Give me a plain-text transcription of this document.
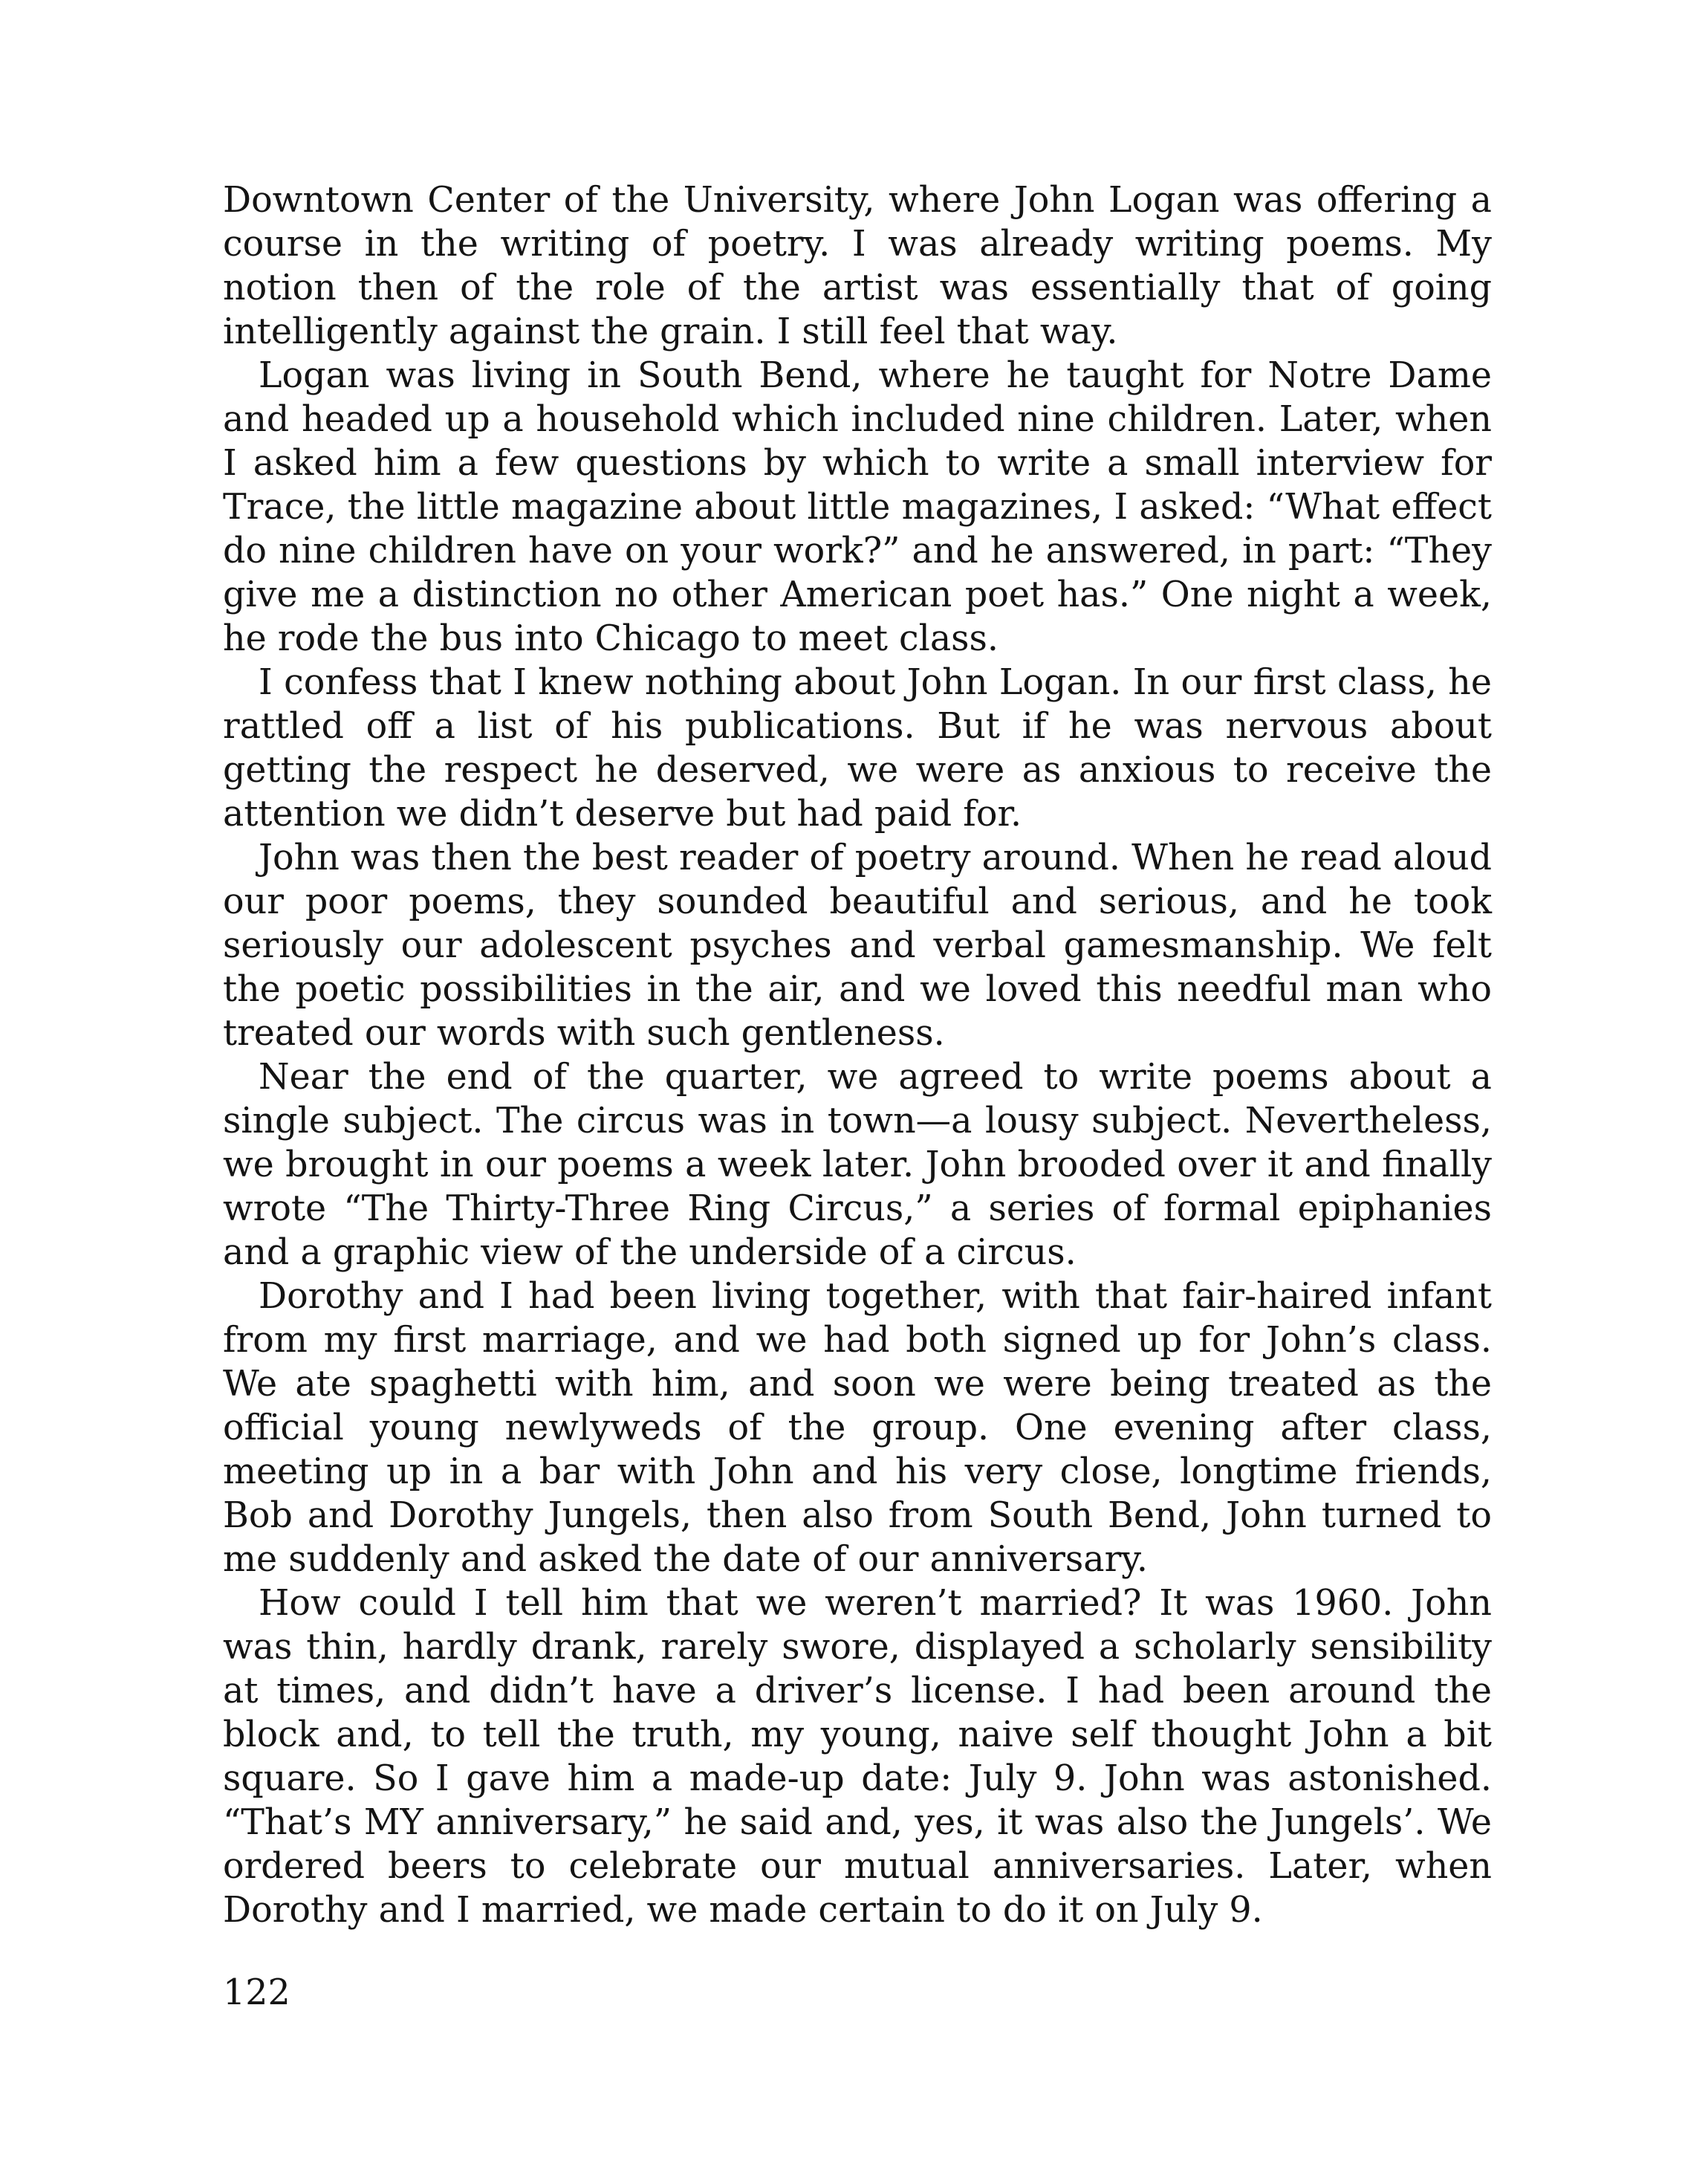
Downtown Center of the University, where John Logan was offering a course in the writing of poetry. I was already writing poems. My notion then of the role of the artist was essentially that of going intelligently against the grain. I still feel that way.

Logan was living in South Bend, where he taught for Notre Dame and headed up a household which included nine children. Later, when I asked him a few questions by which to write a small interview for Trace, the little magazine about little magazines, I asked: “What effect do nine children have on your work?” and he answered, in part: “They give me a distinction no other American poet has.” One night a week, he rode the bus into Chicago to meet class.

I confess that I knew nothing about John Logan. In our first class, he rattled off a list of his publications. But if he was nervous about getting the respect he deserved, we were as anxious to receive the attention we didn’t deserve but had paid for.

John was then the best reader of poetry around. When he read aloud our poor poems, they sounded beautiful and serious, and he took seriously our adolescent psyches and verbal gamesmanship. We felt the poetic possibilities in the air, and we loved this needful man who treated our words with such gentleness.

Near the end of the quarter, we agreed to write poems about a single subject. The circus was in town—a lousy subject. Nevertheless, we brought in our poems a week later. John brooded over it and finally wrote “The Thirty-Three Ring Circus,” a series of formal epiphanies and a graphic view of the underside of a circus.

Dorothy and I had been living together, with that fair-haired infant from my first marriage, and we had both signed up for John’s class. We ate spaghetti with him, and soon we were being treated as the official young newlyweds of the group. One evening after class, meeting up in a bar with John and his very close, longtime friends, Bob and Dorothy Jungels, then also from South Bend, John turned to me suddenly and asked the date of our anniversary.

How could I tell him that we weren’t married? It was 1960. John was thin, hardly drank, rarely swore, displayed a scholarly sensibility at times, and didn’t have a driver’s license. I had been around the block and, to tell the truth, my young, naive self thought John a bit square. So I gave him a made-up date: July 9. John was astonished. “That’s MY anniversary,” he said and, yes, it was also the Jungels’. We ordered beers to celebrate our mutual anniversaries. Later, when Dorothy and I married, we made certain to do it on July 9.

122
